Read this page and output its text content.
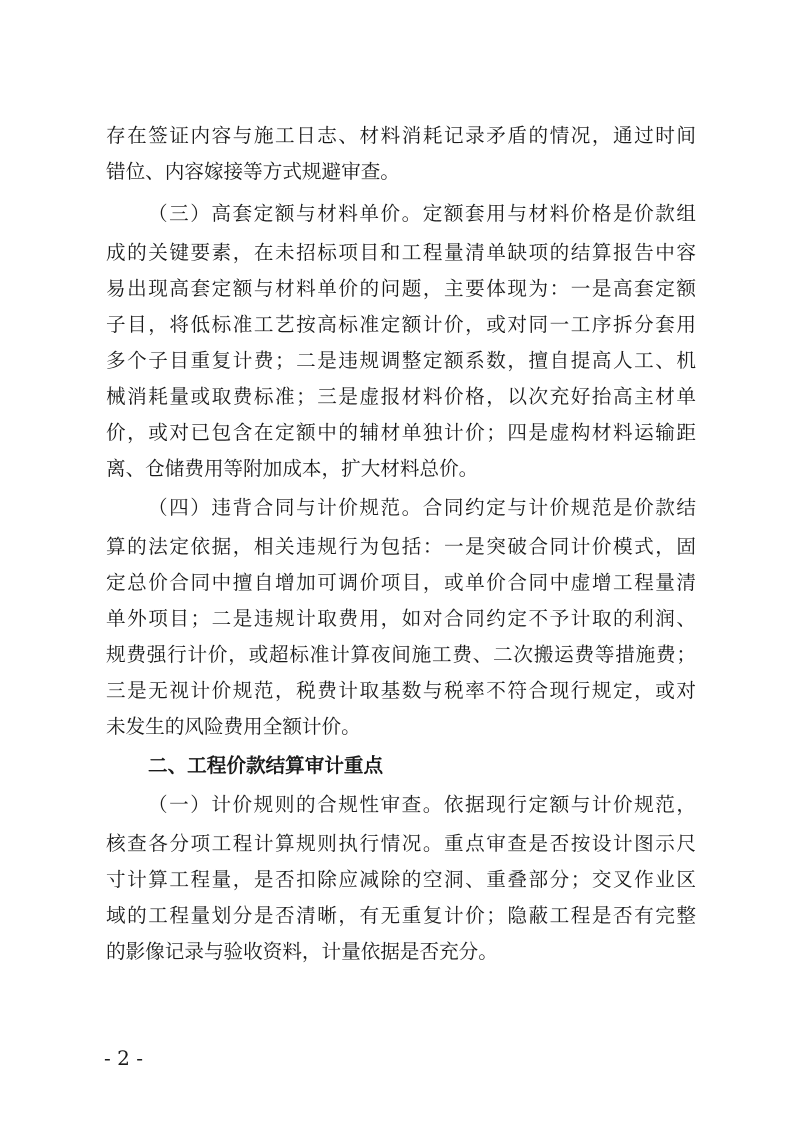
存在签证内容与施工日志、材料消耗记录矛盾的情况，通过时间
错位、内容嫁接等方式规避审查。
（三）高套定额与材料单价。定额套用与材料价格是价款组
成的关键要素，在未招标项目和工程量清单缺项的结算报告中容
易出现高套定额与材料单价的问题，主要体现为：一是高套定额
子目，将低标准工艺按高标准定额计价，或对同一工序拆分套用
多个子目重复计费；二是违规调整定额系数，擅自提高人工、机
械消耗量或取费标准；三是虚报材料价格，以次充好抬高主材单
价，或对已包含在定额中的辅材单独计价；四是虚构材料运输距
离、仓储费用等附加成本，扩大材料总价。
（四）违背合同与计价规范。合同约定与计价规范是价款结
算的法定依据，相关违规行为包括：一是突破合同计价模式，固
定总价合同中擅自增加可调价项目，或单价合同中虚增工程量清
单外项目；二是违规计取费用，如对合同约定不予计取的利润、
规费强行计价，或超标准计算夜间施工费、二次搬运费等措施费；
三是无视计价规范，税费计取基数与税率不符合现行规定，或对
未发生的风险费用全额计价。
二、工程价款结算审计重点
（一）计价规则的合规性审查。依据现行定额与计价规范，
核查各分项工程计算规则执行情况。重点审查是否按设计图示尺
寸计算工程量，是否扣除应减除的空洞、重叠部分；交叉作业区
域的工程量划分是否清晰，有无重复计价；隐蔽工程是否有完整
的影像记录与验收资料，计量依据是否充分。
- 2 -
